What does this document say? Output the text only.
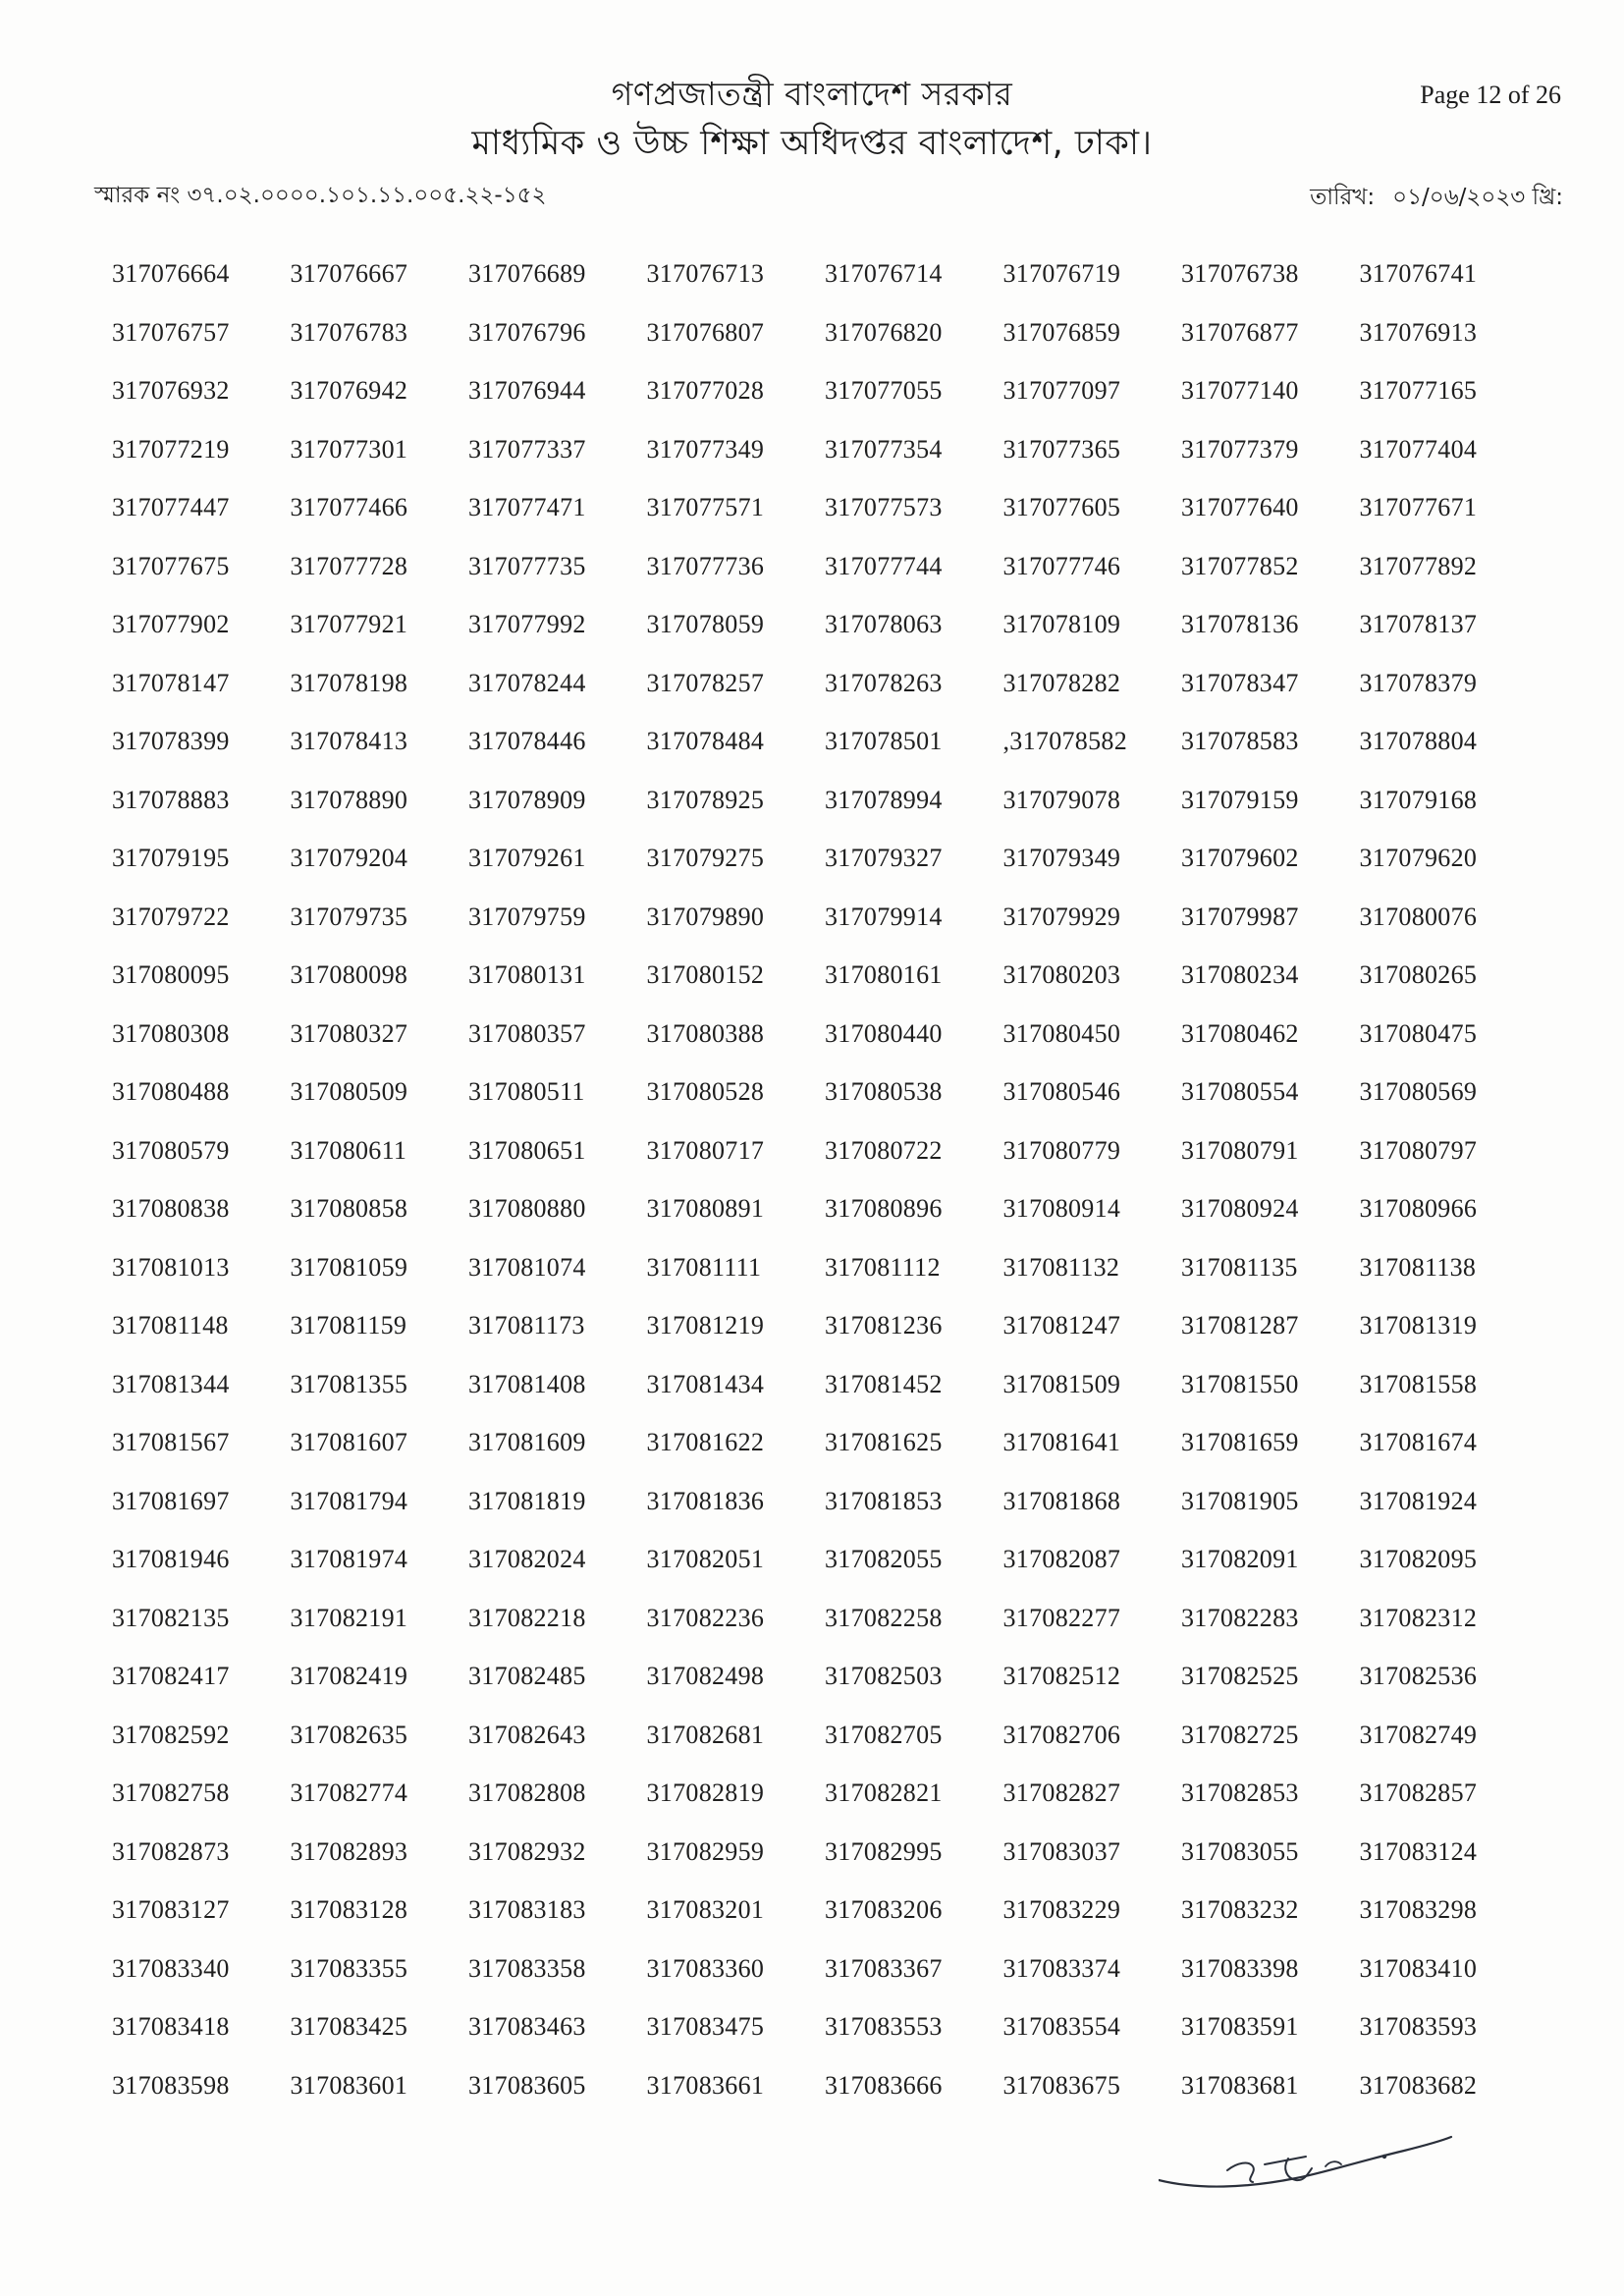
গণপ্রজাতন্ত্রী বাংলাদেশ সরকার
মাধ্যমিক ও উচ্চ শিক্ষা অধিদপ্তর বাংলাদেশ, ঢাকা।
Page 12 of 26
স্মারক নং ৩৭.০২.০০০০.১০১.১১.০০৫.২২-১৫২	তারিখ: ০১/০৬/২০২৩ খ্রি:
317076664	317076667	317076689	317076713	317076714	317076719	317076738	317076741
317076757	317076783	317076796	317076807	317076820	317076859	317076877	317076913
317076932	317076942	317076944	317077028	317077055	317077097	317077140	317077165
317077219	317077301	317077337	317077349	317077354	317077365	317077379	317077404
317077447	317077466	317077471	317077571	317077573	317077605	317077640	317077671
317077675	317077728	317077735	317077736	317077744	317077746	317077852	317077892
317077902	317077921	317077992	317078059	317078063	317078109	317078136	317078137
317078147	317078198	317078244	317078257	317078263	317078282	317078347	317078379
317078399	317078413	317078446	317078484	317078501	,317078582	317078583	317078804
317078883	317078890	317078909	317078925	317078994	317079078	317079159	317079168
317079195	317079204	317079261	317079275	317079327	317079349	317079602	317079620
317079722	317079735	317079759	317079890	317079914	317079929	317079987	317080076
317080095	317080098	317080131	317080152	317080161	317080203	317080234	317080265
317080308	317080327	317080357	317080388	317080440	317080450	317080462	317080475
317080488	317080509	317080511	317080528	317080538	317080546	317080554	317080569
317080579	317080611	317080651	317080717	317080722	317080779	317080791	317080797
317080838	317080858	317080880	317080891	317080896	317080914	317080924	317080966
317081013	317081059	317081074	317081111	317081112	317081132	317081135	317081138
317081148	317081159	317081173	317081219	317081236	317081247	317081287	317081319
317081344	317081355	317081408	317081434	317081452	317081509	317081550	317081558
317081567	317081607	317081609	317081622	317081625	317081641	317081659	317081674
317081697	317081794	317081819	317081836	317081853	317081868	317081905	317081924
317081946	317081974	317082024	317082051	317082055	317082087	317082091	317082095
317082135	317082191	317082218	317082236	317082258	317082277	317082283	317082312
317082417	317082419	317082485	317082498	317082503	317082512	317082525	317082536
317082592	317082635	317082643	317082681	317082705	317082706	317082725	317082749
317082758	317082774	317082808	317082819	317082821	317082827	317082853	317082857
317082873	317082893	317082932	317082959	317082995	317083037	317083055	317083124
317083127	317083128	317083183	317083201	317083206	317083229	317083232	317083298
317083340	317083355	317083358	317083360	317083367	317083374	317083398	317083410
317083418	317083425	317083463	317083475	317083553	317083554	317083591	317083593
317083598	317083601	317083605	317083661	317083666	317083675	317083681	317083682
